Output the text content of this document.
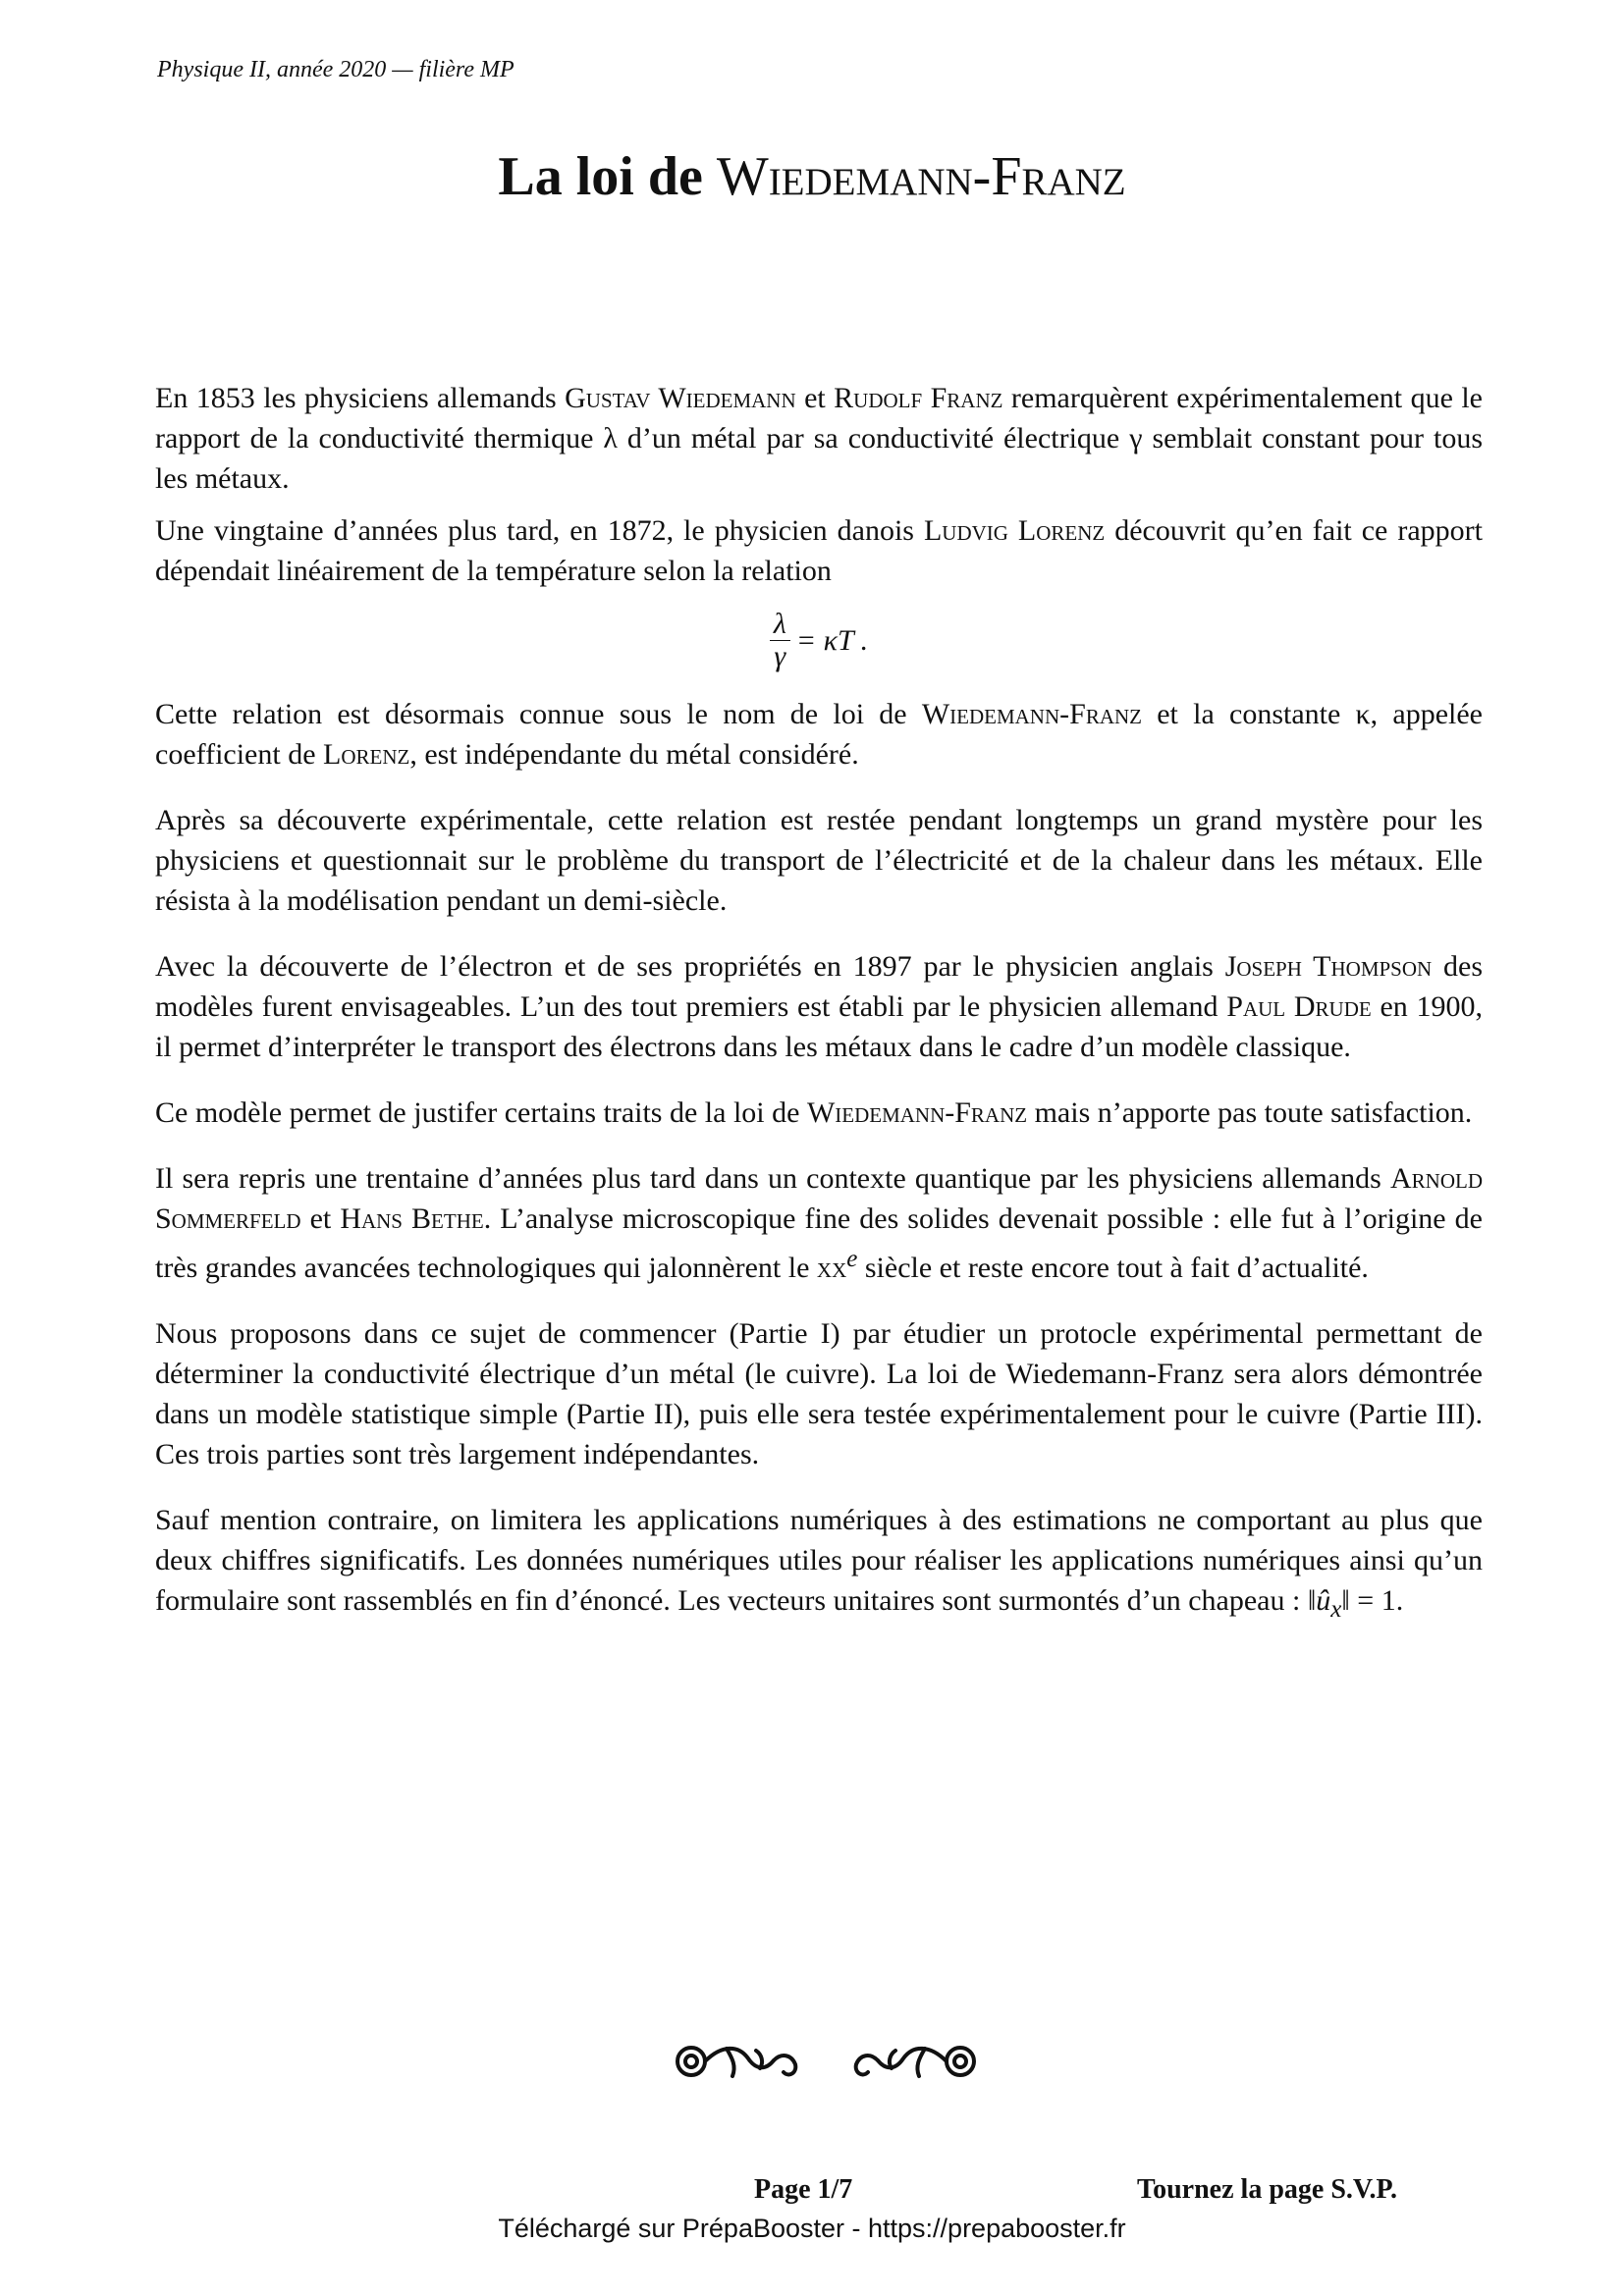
Physique II, année 2020 — filière MP
La loi de Wiedemann-Franz

En 1853 les physiciens allemands Gustav Wiedemann et Rudolf Franz remarquèrent expérimentalement que le rapport de la conductivité thermique λ d’un métal par sa conductivité électrique γ semblait constant pour tous les métaux.

Une vingtaine d’années plus tard, en 1872, le physicien danois Ludvig Lorenz découvrit qu’en fait ce rapport dépendait linéairement de la température selon la relation

$\frac{\lambda}{\gamma} = \kappa T$ .

Cette relation est désormais connue sous le nom de loi de Wiedemann-Franz et la constante κ, appelée coefficient de Lorenz, est indépendante du métal considéré.

Après sa découverte expérimentale, cette relation est restée pendant longtemps un grand mystère pour les physiciens et questionnait sur le problème du transport de l’électricité et de la chaleur dans les métaux. Elle résista à la modélisation pendant un demi-siècle.

Avec la découverte de l’électron et de ses propriétés en 1897 par le physicien anglais Joseph Thompson des modèles furent envisageables. L’un des tout premiers est établi par le physicien allemand Paul Drude en 1900, il permet d’interpréter le transport des électrons dans les métaux dans le cadre d’un modèle classique.

Ce modèle permet de justifer certains traits de la loi de Wiedemann-Franz mais n’apporte pas toute satisfaction.

Il sera repris une trentaine d’années plus tard dans un contexte quantique par les physiciens allemands Arnold Sommerfeld et Hans Bethe. L’analyse microscopique fine des solides devenait possible : elle fut à l’origine de très grandes avancées technologiques qui jalonnèrent le $xx^e$ siècle et reste encore tout à fait d’actualité.

Nous proposons dans ce sujet de commencer (Partie I) par étudier un protocle expérimental permettant de déterminer la conductivité électrique d’un métal (le cuivre). La loi de Wiedemann-Franz sera alors démontrée dans un modèle statistique simple (Partie II), puis elle sera testée expérimentalement pour le cuivre (Partie III). Ces trois parties sont très largement indépendantes.

Sauf mention contraire, on limitera les applications numériques à des estimations ne comportant au plus que deux chiffres significatifs. Les données numériques utiles pour réaliser les applications numériques ainsi qu’un formulaire sont rassemblés en fin d’énoncé. Les vecteurs unitaires sont surmontés d’un chapeau : $‖û_x‖ = 1$.

Page 1/7	Tournez la page S.V.P.
Téléchargé sur PrépaBooster - https://prepabooster.fr
